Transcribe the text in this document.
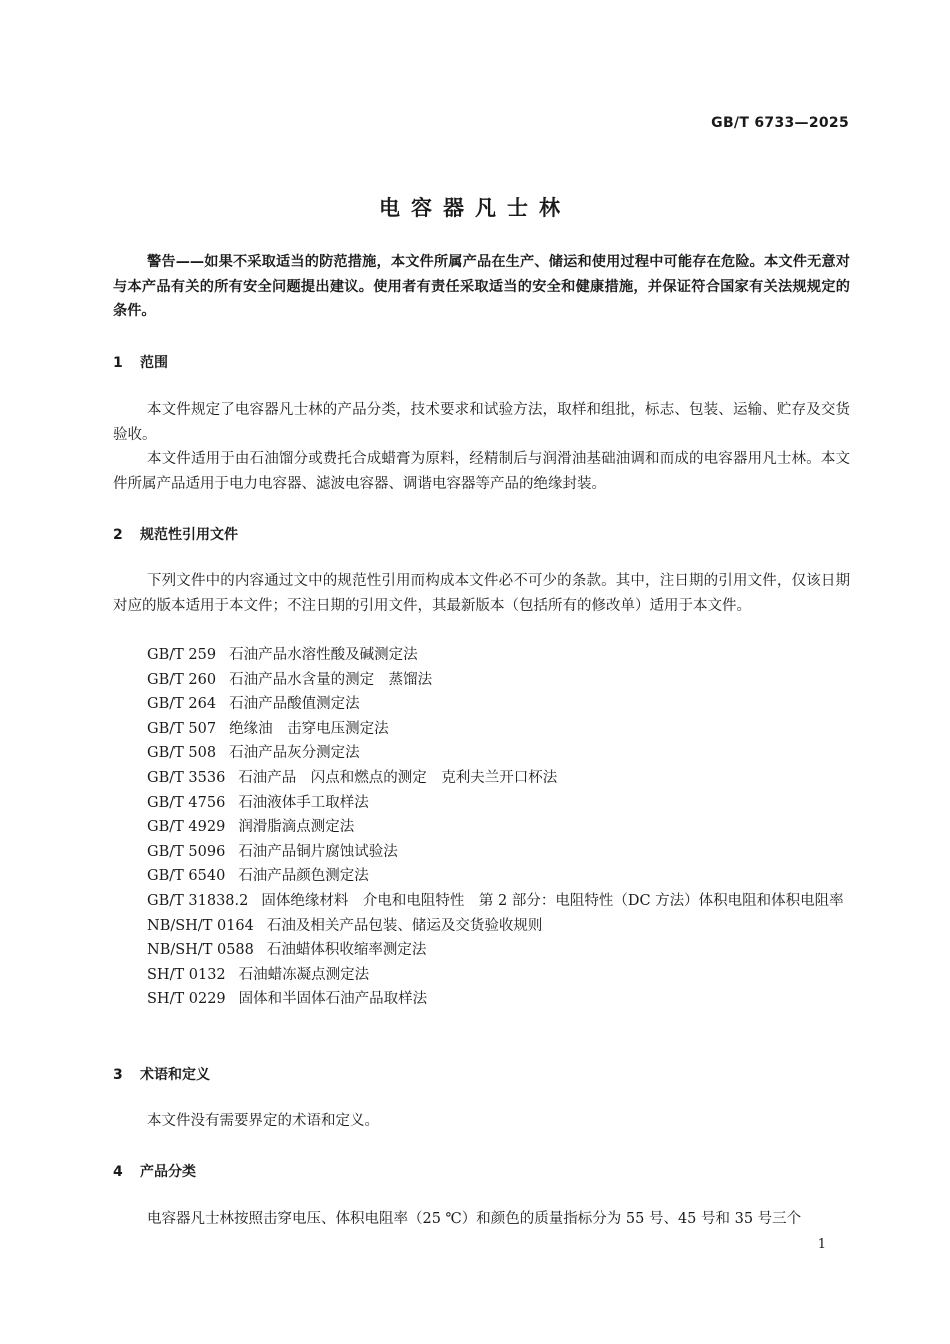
GB/T 6733—2025
电容器凡士林

警告——如果不采取适当的防范措施，本文件所属产品在生产、储运和使用过程中可能存在危险。本文件无意对与本产品有关的所有安全问题提出建议。使用者有责任采取适当的安全和健康措施，并保证符合国家有关法规规定的条件。

1 范围

本文件规定了电容器凡士林的产品分类，技术要求和试验方法，取样和组批，标志、包装、运输、贮存及交货验收。

本文件适用于由石油馏分或费托合成蜡膏为原料，经精制后与润滑油基础油调和而成的电容器用凡士林。本文件所属产品适用于电力电容器、滤波电容器、调谐电容器等产品的绝缘封装。

2 规范性引用文件

下列文件中的内容通过文中的规范性引用而构成本文件必不可少的条款。其中，注日期的引用文件，仅该日期对应的版本适用于本文件；不注日期的引用文件，其最新版本（包括所有的修改单）适用于本文件。

GB/T 259 石油产品水溶性酸及碱测定法

GB/T 260 石油产品水含量的测定　蒸馏法

GB/T 264 石油产品酸值测定法

GB/T 507 绝缘油　击穿电压测定法

GB/T 508 石油产品灰分测定法

GB/T 3536 石油产品　闪点和燃点的测定　克利夫兰开口杯法

GB/T 4756 石油液体手工取样法

GB/T 4929 润滑脂滴点测定法

GB/T 5096 石油产品铜片腐蚀试验法

GB/T 6540 石油产品颜色测定法

GB/T 31838.2 固体绝缘材料　介电和电阻特性　第 2 部分：电阻特性（DC 方法）体积电阻和体积电阻率

NB/SH/T 0164 石油及相关产品包装、储运及交货验收规则

NB/SH/T 0588 石油蜡体积收缩率测定法

SH/T 0132 石油蜡冻凝点测定法

SH/T 0229 固体和半固体石油产品取样法

3 术语和定义

本文件没有需要界定的术语和定义。

4 产品分类

电容器凡士林按照击穿电压、体积电阻率（25 ℃）和颜色的质量指标分为 55 号、45 号和 35 号三个

1
